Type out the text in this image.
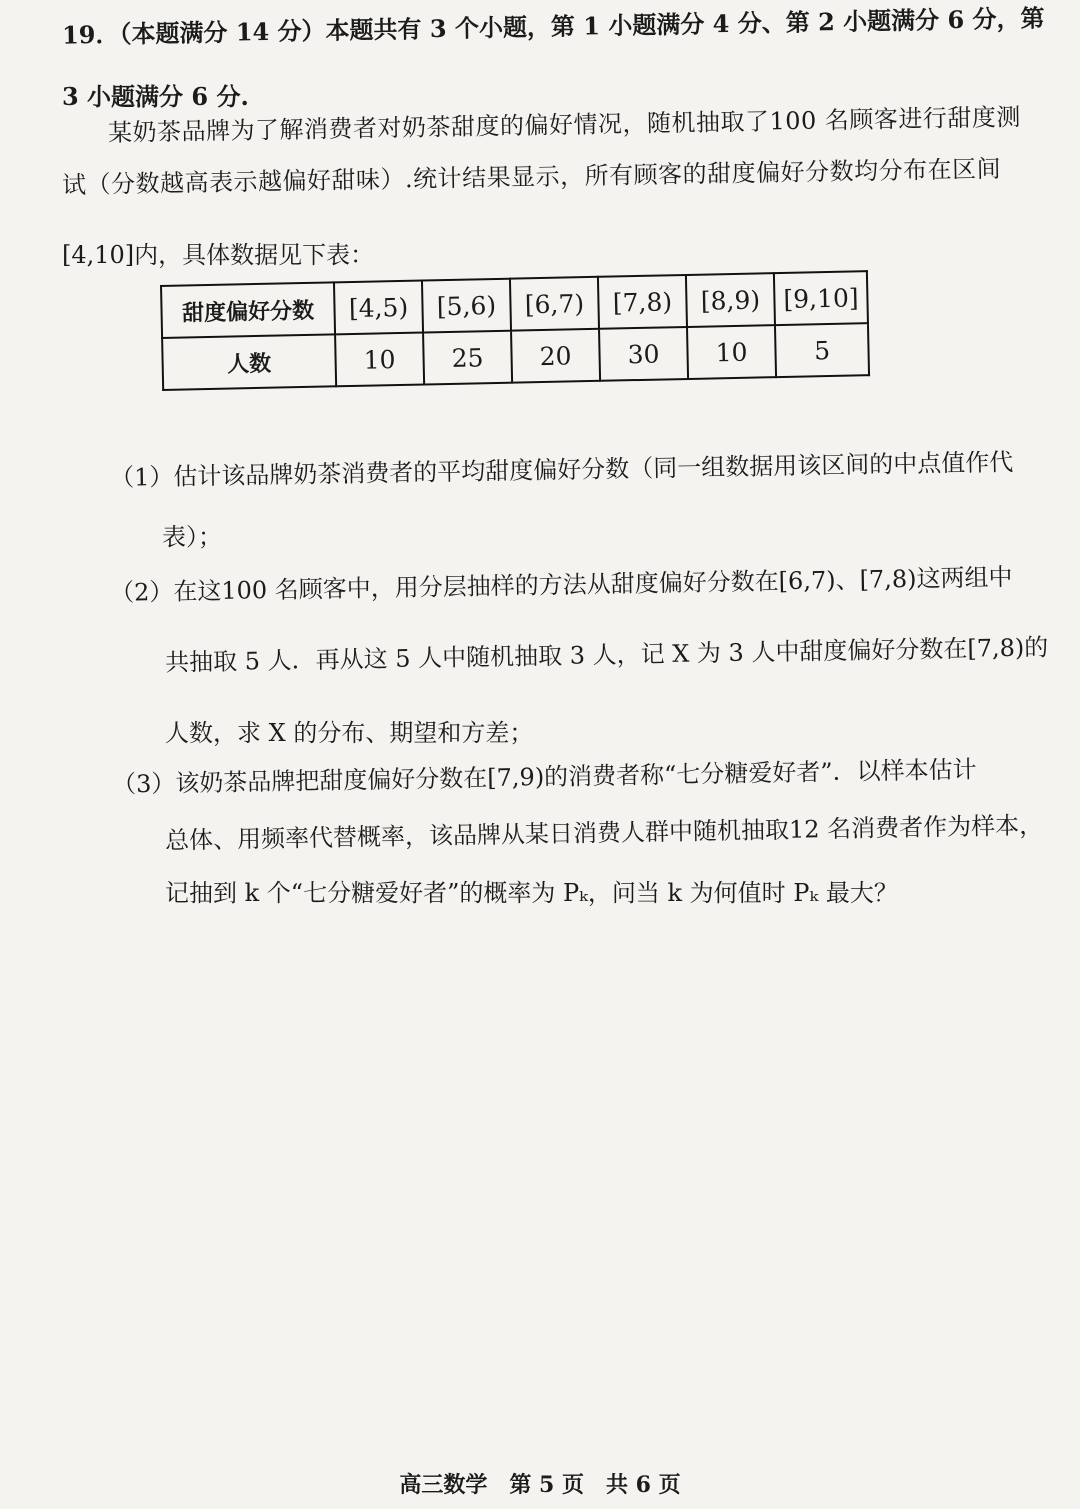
19．（本题满分 14 分）本题共有 3 个小题，第 1 小题满分 4 分、第 2 小题满分 6 分，第
3 小题满分 6 分.
某奶茶品牌为了解消费者对奶茶甜度的偏好情况，随机抽取了100 名顾客进行甜度测
试（分数越高表示越偏好甜味）.统计结果显示，所有顾客的甜度偏好分数均分布在区间
[4,10]内，具体数据见下表：
甜度偏好分数	[4,5)	[5,6)	[6,7)	[7,8)	[8,9)	[9,10]
人数	10	25	20	30	10	5
（1）估计该品牌奶茶消费者的平均甜度偏好分数（同一组数据用该区间的中点值作代
表）；
（2）在这100 名顾客中，用分层抽样的方法从甜度偏好分数在[6,7)、[7,8)这两组中
共抽取 5 人．再从这 5 人中随机抽取 3 人，记 X 为 3 人中甜度偏好分数在[7,8)的
人数，求 X 的分布、期望和方差；
（3）该奶茶品牌把甜度偏好分数在[7,9)的消费者称“七分糖爱好者”．以样本估计
总体、用频率代替概率，该品牌从某日消费人群中随机抽取12 名消费者作为样本，
记抽到 k 个“七分糖爱好者”的概率为 Pₖ，问当 k 为何值时 Pₖ 最大？
高三数学　第 5 页　共 6 页
